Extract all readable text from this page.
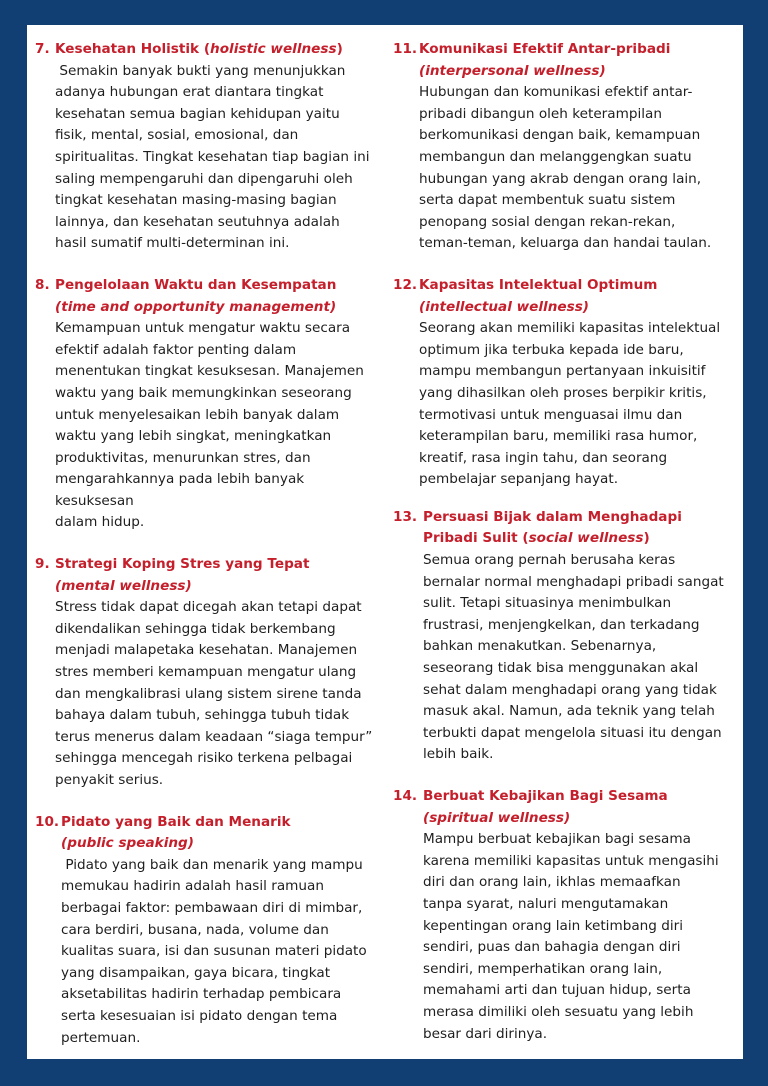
7. Kesehatan Holistik (holistic wellness)
Semakin banyak bukti yang menunjukkan
adanya hubungan erat diantara tingkat
kesehatan semua bagian kehidupan yaitu
fisik, mental, sosial, emosional, dan
spiritualitas. Tingkat kesehatan tiap bagian ini
saling mempengaruhi dan dipengaruhi oleh
tingkat kesehatan masing-masing bagian
lainnya, dan kesehatan seutuhnya adalah
hasil sumatif multi-determinan ini.
8. Pengelolaan Waktu dan Kesempatan
(time and opportunity management)
Kemampuan untuk mengatur waktu secara
efektif adalah faktor penting dalam
menentukan tingkat kesuksesan. Manajemen
waktu yang baik memungkinkan seseorang
untuk menyelesaikan lebih banyak dalam
waktu yang lebih singkat, meningkatkan
produktivitas, menurunkan stres, dan
mengarahkannya pada lebih banyak kesuksesan
dalam hidup.
9. Strategi Koping Stres yang Tepat
(mental wellness)
Stress tidak dapat dicegah akan tetapi dapat
dikendalikan sehingga tidak berkembang
menjadi malapetaka kesehatan. Manajemen
stres memberi kemampuan mengatur ulang
dan mengkalibrasi ulang sistem sirene tanda
bahaya dalam tubuh, sehingga tubuh tidak
terus menerus dalam keadaan “siaga tempur”
sehingga mencegah risiko terkena pelbagai
penyakit serius.
10. Pidato yang Baik dan Menarik
(public speaking)
Pidato yang baik dan menarik yang mampu
memukau hadirin adalah hasil ramuan
berbagai faktor: pembawaan diri di mimbar,
cara berdiri, busana, nada, volume dan
kualitas suara, isi dan susunan materi pidato
yang disampaikan, gaya bicara, tingkat
aksetabilitas hadirin terhadap pembicara
serta kesesuaian isi pidato dengan tema
pertemuan.
11. Komunikasi Efektif Antar-pribadi
(interpersonal wellness)
Hubungan dan komunikasi efektif antar-
pribadi dibangun oleh keterampilan
berkomunikasi dengan baik, kemampuan
membangun dan melanggengkan suatu
hubungan yang akrab dengan orang lain,
serta dapat membentuk suatu sistem
penopang sosial dengan rekan-rekan,
teman-teman, keluarga dan handai taulan.
12. Kapasitas Intelektual Optimum
(intellectual wellness)
Seorang akan memiliki kapasitas intelektual
optimum jika terbuka kepada ide baru,
mampu membangun pertanyaan inkuisitif
yang dihasilkan oleh proses berpikir kritis,
termotivasi untuk menguasai ilmu dan
keterampilan baru, memiliki rasa humor,
kreatif, rasa ingin tahu, dan seorang
pembelajar sepanjang hayat.
13. Persuasi Bijak dalam Menghadapi Pribadi Sulit (social wellness)
Semua orang pernah berusaha keras
bernalar normal menghadapi pribadi sangat
sulit. Tetapi situasinya menimbulkan
frustrasi, menjengkelkan, dan terkadang
bahkan menakutkan. Sebenarnya,
seseorang tidak bisa menggunakan akal
sehat dalam menghadapi orang yang tidak
masuk akal. Namun, ada teknik yang telah
terbukti dapat mengelola situasi itu dengan
lebih baik.
14. Berbuat Kebajikan Bagi Sesama
(spiritual wellness)
Mampu berbuat kebajikan bagi sesama
karena memiliki kapasitas untuk mengasihi
diri dan orang lain, ikhlas memaafkan
tanpa syarat, naluri mengutamakan
kepentingan orang lain ketimbang diri
sendiri, puas dan bahagia dengan diri
sendiri, memperhatikan orang lain,
memahami arti dan tujuan hidup, serta
merasa dimiliki oleh sesuatu yang lebih
besar dari dirinya.
